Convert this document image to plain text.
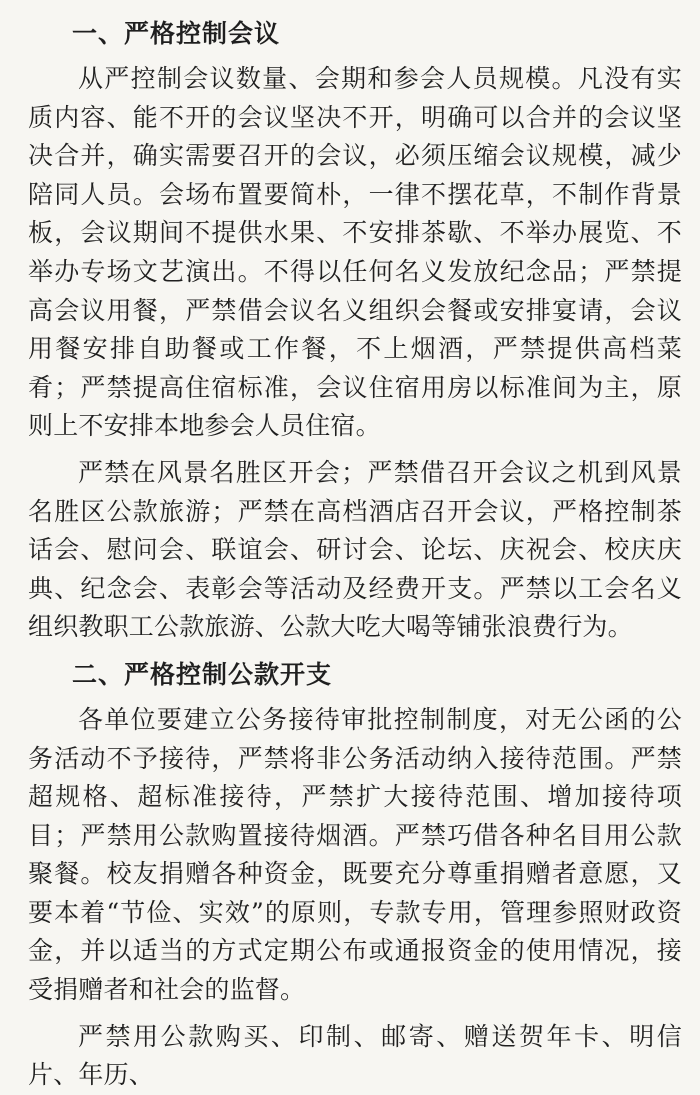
一、严格控制会议

从严控制会议数量、会期和参会人员规模。凡没有实质内容、能不开的会议坚决不开，明确可以合并的会议坚决合并，确实需要召开的会议，必须压缩会议规模，减少陪同人员。会场布置要简朴，一律不摆花草，不制作背景板，会议期间不提供水果、不安排茶歇、不举办展览、不举办专场文艺演出。不得以任何名义发放纪念品；严禁提高会议用餐，严禁借会议名义组织会餐或安排宴请，会议用餐安排自助餐或工作餐，不上烟酒，严禁提供高档菜肴；严禁提高住宿标准，会议住宿用房以标准间为主，原则上不安排本地参会人员住宿。

严禁在风景名胜区开会；严禁借召开会议之机到风景名胜区公款旅游；严禁在高档酒店召开会议，严格控制茶话会、慰问会、联谊会、研讨会、论坛、庆祝会、校庆庆典、纪念会、表彰会等活动及经费开支。严禁以工会名义组织教职工公款旅游、公款大吃大喝等铺张浪费行为。

二、严格控制公款开支

各单位要建立公务接待审批控制制度，对无公函的公务活动不予接待，严禁将非公务活动纳入接待范围。严禁超规格、超标准接待，严禁扩大接待范围、增加接待项目；严禁用公款购置接待烟酒。严禁巧借各种名目用公款聚餐。校友捐赠各种资金，既要充分尊重捐赠者意愿，又要本着“节俭、实效”的原则，专款专用，管理参照财政资金，并以适当的方式定期公布或通报资金的使用情况，接受捐赠者和社会的监督。

严禁用公款购买、印制、邮寄、赠送贺年卡、明信片、年历、
